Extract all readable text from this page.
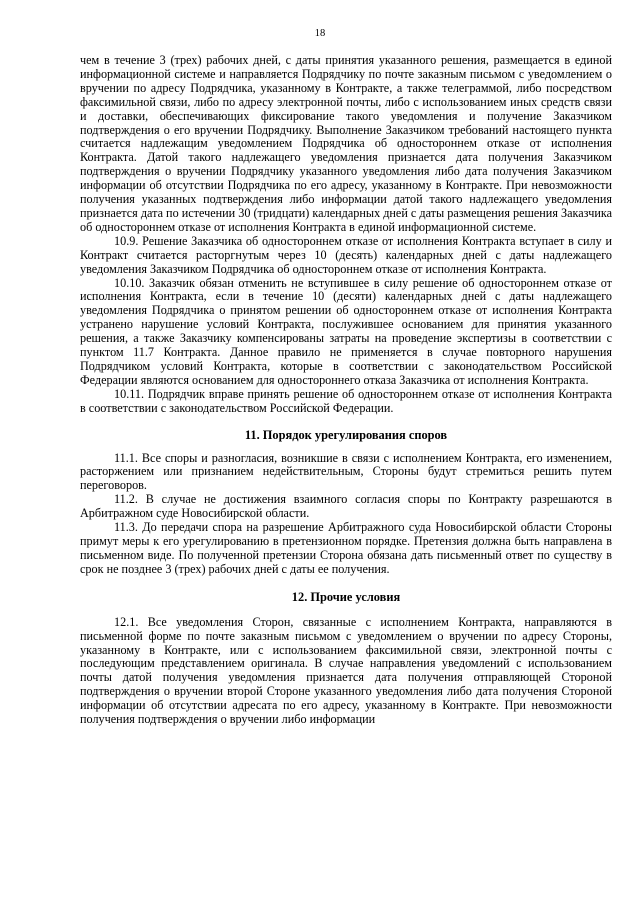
18

чем в течение 3 (трех) рабочих дней, с даты принятия указанного решения, размещается в единой информационной системе и направляется Подрядчику по почте заказным письмом с уведомлением о вручении по адресу Подрядчика, указанному в Контракте, а также телеграммой, либо посредством факсимильной связи, либо по адресу электронной почты, либо с использованием иных средств связи и доставки, обеспечивающих фиксирование такого уведомления и получение Заказчиком подтверждения о его вручении Подрядчику. Выполнение Заказчиком требований настоящего пункта считается надлежащим уведомлением Подрядчика об одностороннем отказе от исполнения Контракта. Датой такого надлежащего уведомления признается дата получения Заказчиком подтверждения о вручении Подрядчику указанного уведомления либо дата получения Заказчиком информации об отсутствии Подрядчика по его адресу, указанному в Контракте. При невозможности получения указанных подтверждения либо информации датой такого надлежащего уведомления признается дата по истечении 30 (тридцати) календарных дней с даты размещения решения Заказчика об одностороннем отказе от исполнения Контракта в единой информационной системе.

10.9. Решение Заказчика об одностороннем отказе от исполнения Контракта вступает в силу и Контракт считается расторгнутым через 10 (десять) календарных дней с даты надлежащего уведомления Заказчиком Подрядчика об одностороннем отказе от исполнения Контракта.

10.10. Заказчик обязан отменить не вступившее в силу решение об одностороннем отказе от исполнения Контракта, если в течение 10 (десяти) календарных дней с даты надлежащего уведомления Подрядчика о принятом решении об одностороннем отказе от исполнения Контракта устранено нарушение условий Контракта, послужившее основанием для принятия указанного решения, а также Заказчику компенсированы затраты на проведение экспертизы в соответствии с пунктом 11.7 Контракта. Данное правило не применяется в случае повторного нарушения Подрядчиком условий Контракта, которые в соответствии с законодательством Российской Федерации являются основанием для одностороннего отказа Заказчика от исполнения Контракта.

10.11. Подрядчик вправе принять решение об одностороннем отказе от исполнения Контракта в соответствии с законодательством Российской Федерации.

11. Порядок урегулирования споров

11.1. Все споры и разногласия, возникшие в связи с исполнением Контракта, его изменением, расторжением или признанием недействительным, Стороны будут стремиться решить путем переговоров.

11.2. В случае не достижения взаимного согласия споры по Контракту разрешаются в Арбитражном суде Новосибирской области.

11.3. До передачи спора на разрешение Арбитражного суда Новосибирской области Стороны примут меры к его урегулированию в претензионном порядке. Претензия должна быть направлена в письменном виде. По полученной претензии Сторона обязана дать письменный ответ по существу в срок не позднее 3 (трех) рабочих дней с даты ее получения.

12. Прочие условия

12.1. Все уведомления Сторон, связанные с исполнением Контракта, направляются в письменной форме по почте заказным письмом с уведомлением о вручении по адресу Стороны, указанному в Контракте, или с использованием факсимильной связи, электронной почты с последующим представлением оригинала. В случае направления уведомлений с использованием почты датой получения уведомления признается дата получения отправляющей Стороной подтверждения о вручении второй Стороне указанного уведомления либо дата получения Стороной информации об отсутствии адресата по его адресу, указанному в Контракте. При невозможности получения подтверждения о вручении либо информации
